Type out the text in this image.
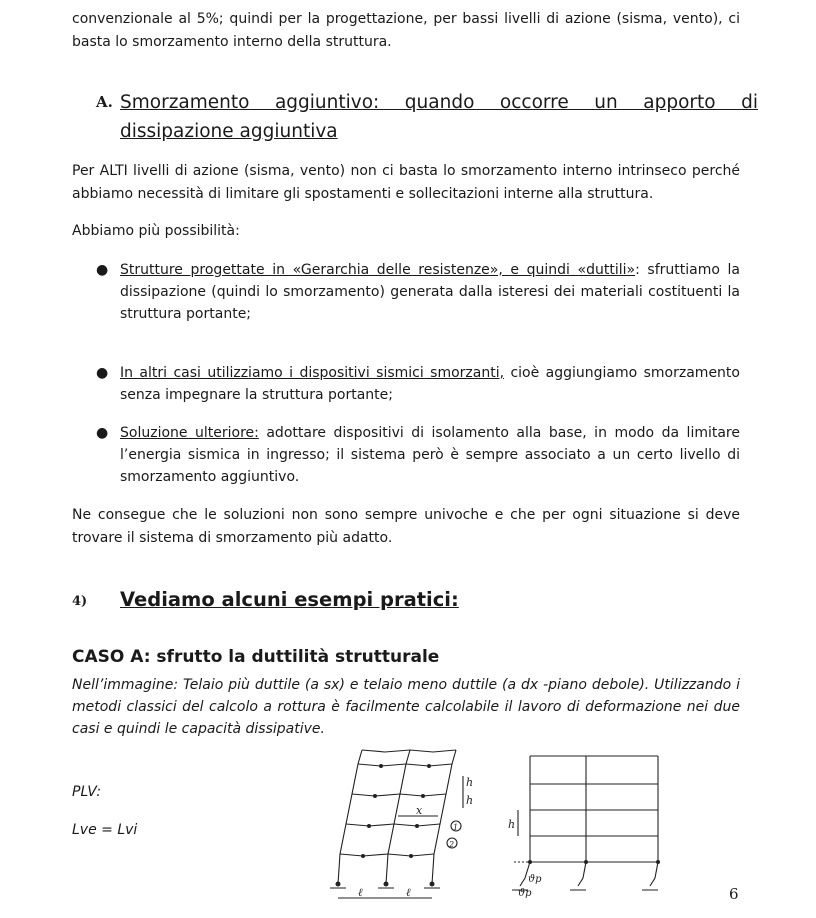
convenzionale al 5%; quindi per la progettazione, per bassi livelli di azione (sisma, vento), ci basta lo smorzamento interno della struttura.

A. Smorzamento aggiuntivo: quando occorre un apporto di dissipazione aggiuntiva

Per ALTI livelli di azione (sisma, vento) non ci basta lo smorzamento interno intrinseco perché abbiamo necessità di limitare gli spostamenti e sollecitazioni interne alla struttura.

Abbiamo più possibilità:

● Strutture progettate in «Gerarchia delle resistenze», e quindi «duttili»: sfruttiamo la dissipazione (quindi lo smorzamento) generata dalla isteresi dei materiali costituenti la struttura portante;
● In altri casi utilizziamo i dispositivi sismici smorzanti, cioè aggiungiamo smorzamento senza impegnare la struttura portante;
● Soluzione ulteriore: adottare dispositivi di isolamento alla base, in modo da limitare l’energia sismica in ingresso; il sistema però è sempre associato a un certo livello di smorzamento aggiuntivo.

Ne consegue che le soluzioni non sono sempre univoche e che per ogni situazione si deve trovare il sistema di smorzamento più adatto.

4) Vediamo alcuni esempi pratici:
CASO A: sfrutto la duttilità strutturale

Nell’immagine: Telaio più duttile (a sx) e telaio meno duttile (a dx -piano debole). Utilizzando i metodi classici del calcolo a rottura è facilmente calcolabile il lavoro di deformazione nei due casi e quindi le capacità dissipative.

PLV:

Lve = Lvi

ℓ	ℓ
h
h
x
1
2
h
ϑp
ϑp	6
